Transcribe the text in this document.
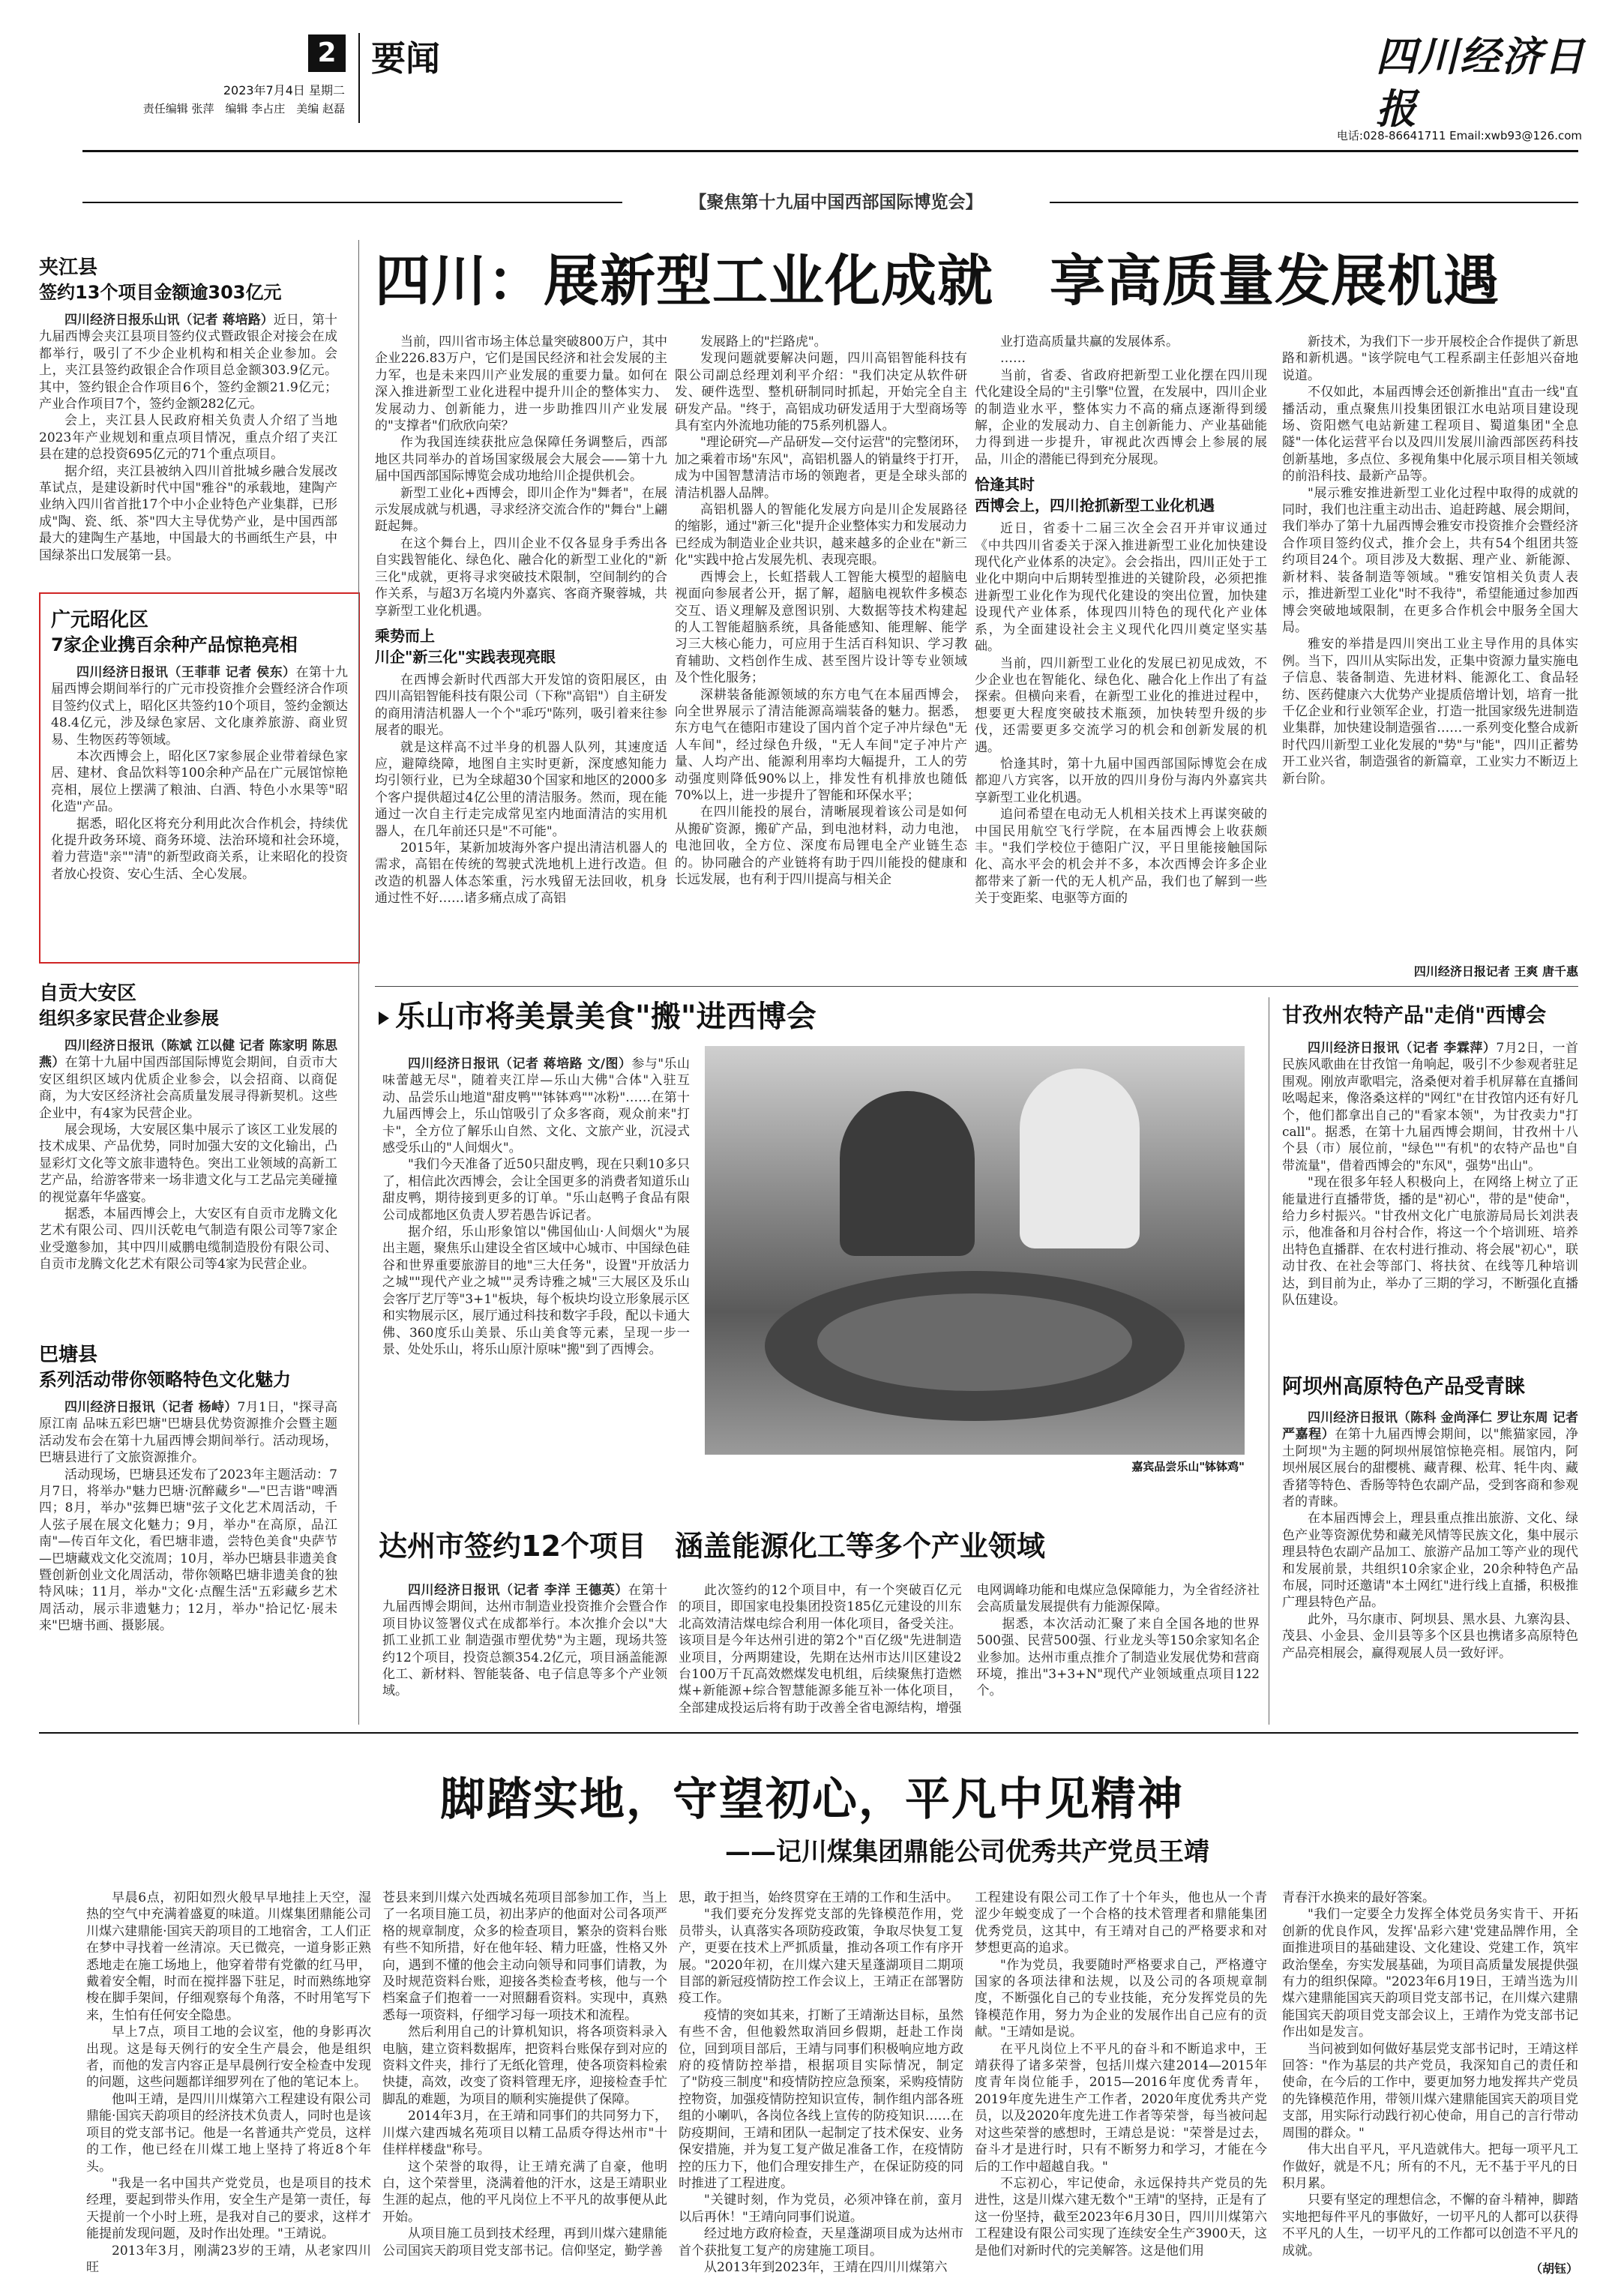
2
2023年7月4日 星期二
责任编辑 张萍　编辑 李占庄　美编 赵磊
要闻	四川经济日报
电话:028-86641711 Email:xwb93@126.com
【聚焦第十九届中国西部国际博览会】
夹江县
签约13个项目金额逾303亿元

四川经济日报乐山讯（记者 蒋培路）近日，第十九届西博会夹江县项目签约仪式暨政银企对接会在成都举行，吸引了不少企业机构和相关企业参加。会上，夹江县签约政银企合作项目总金额303.9亿元。其中，签约银企合作项目6个，签约金额21.9亿元；产业合作项目7个，签约金额282亿元。

会上，夹江县人民政府相关负责人介绍了当地2023年产业规划和重点项目情况，重点介绍了夹江县在建的总投资695亿元的71个重点项目。

据介绍，夹江县被纳入四川首批城乡融合发展改革试点，是建设新时代中国"雅谷"的承载地，建陶产业纳入四川省首批17个中小企业特色产业集群，已形成"陶、瓷、纸、茶"四大主导优势产业，是中国西部最大的建陶生产基地，中国最大的书画纸生产县，中国绿茶出口发展第一县。

广元昭化区
7家企业携百余种产品惊艳亮相

四川经济日报讯（王菲菲 记者 侯东）在第十九届西博会期间举行的广元市投资推介会暨经济合作项目签约仪式上，昭化区共签约10个项目，签约金额达48.4亿元，涉及绿色家居、文化康养旅游、商业贸易、生物医药等领域。

本次西博会上，昭化区7家参展企业带着绿色家居、建材、食品饮料等100余种产品在广元展馆惊艳亮相，展位上摆满了粮油、白酒、特色小水果等"昭化造"产品。

据悉，昭化区将充分利用此次合作机会，持续优化提升政务环境、商务环境、法治环境和社会环境，着力营造"亲""清"的新型政商关系，让来昭化的投资者放心投资、安心生活、全心发展。

自贡大安区
组织多家民营企业参展

四川经济日报讯（陈斌 江以健 记者 陈家明 陈思燕）在第十九届中国西部国际博览会期间，自贡市大安区组织区域内优质企业参会，以会招商、以商促商，为大安区经济社会高质量发展寻得新契机。这些企业中，有4家为民营企业。

展会现场，大安展区集中展示了该区工业发展的技术成果、产品优势，同时加强大安的文化输出，凸显彩灯文化等文旅非遗特色。突出工业领域的高新工艺产品，给游客带来一场非遗文化与工艺品完美碰撞的视觉嘉年华盛宴。

据悉，本届西博会上，大安区有自贡市龙腾文化艺术有限公司、四川沃乾电气制造有限公司等7家企业受邀参加，其中四川威鹏电缆制造股份有限公司、自贡市龙腾文化艺术有限公司等4家为民营企业。

巴塘县
系列活动带你领略特色文化魅力

四川经济日报讯（记者 杨峙）7月1日，"探寻高原江南 品味五彩巴塘"巴塘县优势资源推介会暨主题活动发布会在第十九届西博会期间举行。活动现场，巴塘县进行了文旅资源推介。

活动现场，巴塘县还发布了2023年主题活动：7月7日，将举办"魅力巴塘·沉醉藏乡"—"巴吉谐"啤酒四；8月，举办"弦舞巴塘"弦子文化艺术周活动，千人弦子展在展文化魅力；9月，举办"在高原，品江南"—传百年文化，看巴塘非遗，尝特色美食"央萨节—巴塘藏戏文化交流周；10月，举办巴塘县非遗美食暨创新创业文化周活动，带你领略巴塘非遗美食的独特风味；11月，举办"文化·点醒生活"五彩藏乡艺术周活动，展示非遗魅力；12月，举办"拾记忆·展未来"巴塘书画、摄影展。

四川：展新型工业化成就　享高质量发展机遇

当前，四川省市场主体总量突破800万户，其中企业226.83万户，它们是国民经济和社会发展的主力军，也是未来四川产业发展的重要力量。如何在深入推进新型工业化进程中提升川企的整体实力、发展动力、创新能力，进一步助推四川产业发展的"支撑者"们欣欣向荣？

作为我国连续获批应急保障任务调整后，西部地区共同举办的首场国家级展会大展会——第十九届中国西部国际博览会成功地给川企提供机会。

新型工业化+西博会，即川企作为"舞者"，在展示发展成就与机遇，寻求经济交流合作的"舞台"上翩跹起舞。

在这个舞台上，四川企业不仅各显身手秀出各自实践智能化、绿色化、融合化的新型工业化的"新三化"成就，更将寻求突破技术限制，空间制约的合作关系，与超3万名境内外嘉宾、客商齐聚蓉城，共享新型工业化机遇。

乘势而上
川企"新三化"实践表现亮眼

在西博会新时代西部大开发馆的资阳展区，由四川高铝智能科技有限公司（下称"高铝"）自主研发的商用清洁机器人一个个"乖巧"陈列，吸引着来往参展者的眼光。

就是这样高不过半身的机器人队列，其速度适应，避障绕障，地图自主实时更新，深度感知能力均引领行业，已为全球超30个国家和地区的2000多个客户提供超过4亿公里的清洁服务。然而，现在能通过一次自主行走完成常见室内地面清洁的实用机器人，在几年前还只是"不可能"。

2015年，某新加坡海外客户提出清洁机器人的需求，高铝在传统的驾驶式洗地机上进行改造。但改造的机器人体态笨重，污水残留无法回收，机身通过性不好……诸多痛点成了高铝

发展路上的"拦路虎"。

发现问题就要解决问题，四川高铝智能科技有限公司副总经理刘利平介绍："我们决定从软件研发、硬件选型、整机研制同时抓起，开始完全自主研发产品。"终于，高铝成功研发适用于大型商场等具有室内外流地功能的75系列机器人。

"理论研究—产品研发—交付运营"的完整闭环，加之乘着市场"东风"，高铝机器人的销量终于打开，成为中国智慧清洁市场的领跑者，更是全球头部的清洁机器人品牌。

高铝机器人的智能化发展方向是川企发展路径的缩影，通过"新三化"提升企业整体实力和发展动力已经成为制造业企业共识，越来越多的企业在"新三化"实践中抢占发展先机、表现亮眼。

西博会上，长虹搭载人工智能大模型的超脑电视面向参展者公开，据了解，超脑电视软件多模态交互、语义理解及意图识别、大数据等技术构建起的人工智能超脑系统，具备能感知、能理解、能学习三大核心能力，可应用于生活百科知识、学习教育辅助、文档创作生成、甚至图片设计等专业领域及个性化服务；

深耕装备能源领域的东方电气在本届西博会，向全世界展示了清洁能源高端装备的魅力。据悉，东方电气在德阳市建设了国内首个定子冲片绿色"无人车间"，经过绿色升级，"无人车间"定子冲片产量、人均产出、能源利用率均大幅提升，工人的劳动强度则降低90%以上，排发性有机排放也随低70%以上，进一步提升了智能和环保水平；

在四川能投的展台，清晰展现着该公司是如何从搬矿资源，搬矿产品，到电池材料，动力电池，电池回收，全方位、深度布局锂电全产业链生态的。协同融合的产业链将有助于四川能投的健康和长远发展，也有利于四川提高与相关企

业打造高质量共赢的发展体系。

……

当前，省委、省政府把新型工业化摆在四川现代化建设全局的"主引擎"位置，在发展中，四川企业的制造业水平，整体实力不高的痛点逐渐得到缓解，企业的发展动力、自主创新能力、产业基础能力得到进一步提升，审视此次西博会上参展的展品，川企的潜能已得到充分展现。

恰逢其时
西博会上，四川抢抓新型工业化机遇

近日，省委十二届三次全会召开并审议通过《中共四川省委关于深入推进新型工业化加快建设现代化产业体系的决定》。会会指出，四川正处于工业化中期向中后期转型推进的关键阶段，必须把推进新型工业化作为现代化建设的突出位置，加快建设现代产业体系，体现四川特色的现代化产业体系，为全面建设社会主义现代化四川奠定坚实基础。

当前，四川新型工业化的发展已初见成效，不少企业也在智能化、绿色化、融合化上作出了有益探索。但横向来看，在新型工业化的推进过程中，想要更大程度突破技术瓶颈，加快转型升级的步伐，还需要更多交流学习的机会和创新发展的机遇。

恰逢其时，第十九届中国西部国际博览会在成都迎八方宾客，以开放的四川身份与海内外嘉宾共享新型工业化机遇。

追问希望在电动无人机相关技术上再谋突破的中国民用航空飞行学院，在本届西博会上收获颇丰。"我们学校位于德阳广汉，平日里能接触国际化、高水平会的机会并不多，本次西博会许多企业都带来了新一代的无人机产品，我们也了解到一些关于变距桨、电驱等方面的

新技术，为我们下一步开展校企合作提供了新思路和新机遇。"该学院电气工程系副主任彭旭兴奋地说道。

不仅如此，本届西博会还创新推出"直击一线"直播活动，重点聚焦川投集团银江水电站项目建设现场、资阳燃气电站新建工程项目、蜀道集团"全息隧"一体化运营平台以及四川发展川渝西部医药科技创新基地，多点位、多视角集中化展示项目相关领域的前沿科技、最新产品等。

"展示雅安推进新型工业化过程中取得的成就的同时，我们也注重主动出击、追赶跨越、展会期间，我们举办了第十九届西博会雅安市投资推介会暨经济合作项目签约仪式，推介会上，共有54个组团共签约项目24个。项目涉及大数据、理产业、新能源、新材料、装备制造等领域。"雅安馆相关负责人表示，推进新型工业化"时不我待"，希望能通过参加西博会突破地域限制，在更多合作机会中服务全国大局。

雅安的举措是四川突出工业主导作用的具体实例。当下，四川从实际出发，正集中资源力量实施电子信息、装备制造、先进材料、能源化工、食品轻纺、医药健康六大优势产业提质倍增计划，培育一批千亿企业和行业领军企业，打造一批国家级先进制造业集群，加快建设制造强省……一系列变化整合成新时代四川新型工业化发展的"势"与"能"，四川正蓄势开工业兴省，制造强省的新篇章，工业实力不断迈上新台阶。

四川经济日报记者 王爽 唐千惠
乐山市将美景美食"搬"进西博会

四川经济日报讯（记者 蒋培路 文/图）参与"乐山味蕾越无尽"，随着夹江岸—乐山大佛"合体"入驻互动、品尝乐山地道"甜皮鸭""钵钵鸡""冰粉"……在第十九届西博会上，乐山馆吸引了众多客商，观众前来"打卡"，全方位了解乐山自然、文化、文旅产业，沉浸式感受乐山的"人间烟火"。

"我们今天准备了近50只甜皮鸭，现在只剩10多只了，相信此次西博会，会让全国更多的消费者知道乐山甜皮鸭，期待接到更多的订单。"乐山赵鸭子食品有限公司成都地区负责人罗若愚告诉记者。

据介绍，乐山形象馆以"佛国仙山·人间烟火"为展出主题，聚焦乐山建设全省区域中心城市、中国绿色硅谷和世界重要旅游目的地"三大任务"，设置"开放活力之城""现代产业之城""灵秀诗雅之城"三大展区及乐山会客厅艺厅等"3+1"板块，每个板块均设立形象展示区和实物展示区，展厅通过科技和数字手段，配以卡通大佛、360度乐山美景、乐山美食等元素，呈现一步一景、处处乐山，将乐山原汁原味"搬"到了西博会。

嘉宾品尝乐山"钵钵鸡"
甘孜州农特产品"走俏"西博会

四川经济日报讯（记者 李霖萍）7月2日，一首民族风歌曲在甘孜馆一角响起，吸引不少参观者驻足围观。刚放声歌唱完，洛桑便对着手机屏幕在直播间吆喝起来，像洛桑这样的"网红"在甘孜馆内还有好几个，他们都拿出自己的"看家本领"，为甘孜卖力"打call"。据悉，在第十九届西博会期间，甘孜州十八个县（市）展位前，"绿色""有机"的农特产品也"自带流量"，借着西博会的"东风"，强势"出山"。

"现在很多年轻人积极向上，在网络上树立了正能量进行直播带货，播的是"初心"，带的是"使命"，给力乡村振兴。"甘孜州文化广电旅游局局长刘洪表示，他准备和月谷村合作，将这一个个培训班、培养出特色直播群、在农村进行推动、将会展"初心"，联动甘孜、在社会等部门、将扶贫、在线等几种培训达，到目前为止，举办了三期的学习，不断强化直播队伍建设。

阿坝州高原特色产品受青睐

四川经济日报讯（陈科 金尚泽仁 罗让东周 记者 严嘉程）在第十九届西博会期间，以"熊猫家园，净土阿坝"为主题的阿坝州展馆惊艳亮相。展馆内，阿坝州展区展台的甜樱桃、藏青稞、松茸、牦牛肉、藏香猪等特色、香肠等特色农副产品，受到客商和参观者的青睐。

在本届西博会上，理县重点推出旅游、文化、绿色产业等资源优势和藏羌风情等民族文化，集中展示理县特色农副产品加工、旅游产品加工等产业的现代和发展前景，共组织10余家企业，20余种特色产品布展，同时还邀请"本土网红"进行线上直播，积极推广理县特色产品。

此外，马尔康市、阿坝县、黑水县、九寨沟县、茂县、小金县、金川县等多个区县也携诸多高原特色产品亮相展会，赢得观展人员一致好评。

达州市签约12个项目　涵盖能源化工等多个产业领域

四川经济日报讯（记者 李洋 王德英）在第十九届西博会期间，达州市制造业投资推介会暨合作项目协议签署仪式在成都举行。本次推介会以"大抓工业抓工业 制造强市塑优势"为主题，现场共签约12个项目，投资总额354.2亿元，项目涵盖能源化工、新材料、智能装备、电子信息等多个产业领域。

此次签约的12个项目中，有一个突破百亿元的项目，即国家电投集团投资185亿元建设的川东北高效清洁煤电综合利用一体化项目，备受关注。该项目是今年达州引进的第2个"百亿级"先进制造业项目，分两期建设，先期在达州市达川区建设2台100万千瓦高效燃煤发电机组，后续聚焦打造燃煤+新能源+综合智慧能源多能互补一体化项目，全部建成投运后将有助于改善全省电源结构，增强电网调峰功能和电煤应急保障能力，为全省经济社会高质量发展提供有力能源保障。

据悉，本次活动汇聚了来自全国各地的世界500强、民营500强、行业龙头等150余家知名企业参加。达州市重点推介了制造业发展优势和营商环境，推出"3+3+N"现代产业领域重点项目122个。

脚踏实地，守望初心，平凡中见精神
——记川煤集团鼎能公司优秀共产党员王靖

早晨6点，初阳如烈火般早早地挂上天空，湿热的空气中充满着盛夏的味道。川煤集团鼎能公司川煤六建鼎能·国宾天韵项目的工地宿舍，工人们正在梦中寻找着一丝清凉。天已微亮，一道身影正熟悉地走在施工场地上，他穿着带有党徽的红马甲，戴着安全帽，时而在搅拌器下驻足，时而熟练地穿梭在脚手架间，仔细观察每个角落，不时用笔写下来，生怕有任何安全隐患。

早上7点，项目工地的会议室，他的身影再次出现。这是每天例行的安全生产晨会，他是组织者，而他的发言内容正是早晨例行安全检查中发现的问题，这些问题都详细罗列在了他的笔记本上。

他叫王靖，是四川川煤第六工程建设有限公司鼎能·国宾天韵项目的经济技术负责人，同时也是该项目的党支部书记。他是一名普通共产党员，这样的工作，他已经在川煤工地上坚持了将近8个年头。

"我是一名中国共产党党员，也是项目的技术经理，要起到带头作用，安全生产是第一责任，每天提前一个小时上班，是我对自己的要求，这样才能提前发现问题，及时作出处理。"王靖说。

2013年3月，刚满23岁的王靖，从老家四川旺

苍县来到川煤六处西城名苑项目部参加工作，当上了一名项目施工员，初出茅庐的他面对公司各项严格的规章制度，众多的检查项目，繁杂的资料台账有些不知所措，好在他年轻、精力旺盛，性格又外向，遇到不懂的他会主动向领导和同事们请教，为及时规范资料台账，迎接各类检查考核，他与一个档案盒子们抱着一一对照翻看资料。实现中，真熟悉每一项资料，仔细学习每一项技术和流程。

然后利用自己的计算机知识，将各项资料录入电脑，建立资料数据库，把资料台账保存到对应的资料文件夹，排行了无纸化管理，使各项资料检索快捷，高效，改变了资料管理无序，迎接检查手忙脚乱的难题，为项目的顺利实施提供了保障。

2014年3月，在王靖和同事们的共同努力下，川煤六建西城名苑项目以精工品质夺得达州市"十佳样样楼盘"称号。

这个荣誉的取得，让王靖充满了自豪，他明白，这个荣誉里，浇满着他的汗水，这是王靖职业生涯的起点，他的平凡岗位上不平凡的故事便从此开始。

从项目施工员到技术经理，再到川煤六建鼎能公司国宾天韵项目党支部书记。信仰坚定，勤学善

思，敢于担当，始终贯穿在王靖的工作和生活中。

"我们要充分发挥党支部的先锋模范作用，党员带头，认真落实各项防疫政策，争取尽快复工复产，更要在技术上严抓质量，推动各项工作有序开展。"2020年初，在川煤六建天星蓬湖项目二期项目部的新冠疫情防控工作会议上，王靖正在部署防疫工作。

疫情的突如其来，打断了王靖渐达目标，虽然有些不舍，但他毅然取消回乡假期，赶赴工作岗位，回到项目部后，王靖与同事们积极响应地方政府的疫情防控举措，根据项目实际情况，制定了"防疫三制度"和疫情防控应急预案，采购疫情防控物资，加强疫情防控知识宣传，制作组内部各班组的小喇叭，各岗位各线上宣传的防疫知识……在防疫期间，王靖和团队一起制定了技术保安、业务保安措施，并为复工复产做足准备工作，在疫情防控的压力下，他们合理安排生产，在保证防疫的同时推进了工程进度。

"关键时刻，作为党员，必须冲锋在前，蛮月以后再休！"王靖向同事们说道。

经过地方政府检查，天星蓬湖项目成为达州市首个获批复工复产的房建施工项目。

从2013年到2023年，王靖在四川川煤第六

工程建设有限公司工作了十个年头，他也从一个青涩少年蜕变成了一个合格的技术管理者和鼎能集团优秀党员，这其中，有王靖对自己的严格要求和对梦想更高的追求。

"作为党员，我要随时严格要求自己，严格遵守国家的各项法律和法规，以及公司的各项规章制度，不断强化自己的专业技能，充分发挥党员的先锋模范作用，努力为企业的发展作出自己应有的贡献。"王靖如是说。

在平凡岗位上不平凡的奋斗和不断追求中，王靖获得了诸多荣誉，包括川煤六建2014—2015年度青年岗位能手，2015—2016年度优秀青年，2019年度先进生产工作者，2020年度优秀共产党员，以及2020年度先进工作者等荣誉，每当被问起对这些荣誉的感想时，王靖总是说："荣誉是过去，奋斗才是进行时，只有不断努力和学习，才能在今后的工作中超越自我。"

不忘初心，牢记使命，永远保持共产党员的先进性，这是川煤六建无数个"王靖"的坚持，正是有了这一份坚持，截至2023年6月30日，四川川煤第六工程建设有限公司实现了连续安全生产3900天，这是他们对新时代的完美解答。这是他们用

青春汗水换来的最好答案。

"我们一定要全力发挥全体党员务实肯干、开拓创新的优良作风，发挥'品彩六建'党建品牌作用，全面推进项目的基础建设、文化建设、党建工作，筑牢政治堡垒，夯实发展基础，为项目高质量发展提供强有力的组织保障。"2023年6月19日，王靖当选为川煤六建鼎能国宾天韵项目党支部书记，在川煤六建鼎能国宾天韵项目党支部会议上，王靖作为党支部书记作出如是发言。

当问被到如何做好基层党支部书记时，王靖这样回答："作为基层的共产党员，我深知自己的责任和使命，在今后的工作中，要更加努力地发挥共产党员的先锋模范作用，带领川煤六建鼎能国宾天韵项目党支部，用实际行动践行初心使命，用自己的言行带动周围的群众。"

伟大出自平凡，平凡造就伟大。把每一项平凡工作做好，就是不凡；所有的不凡，无不基于平凡的日积月累。

只要有坚定的理想信念，不懈的奋斗精神，脚踏实地把每件平凡的事做好，一切平凡的人都可以获得不平凡的人生，一切平凡的工作都可以创造不平凡的成就。

（胡钰）
